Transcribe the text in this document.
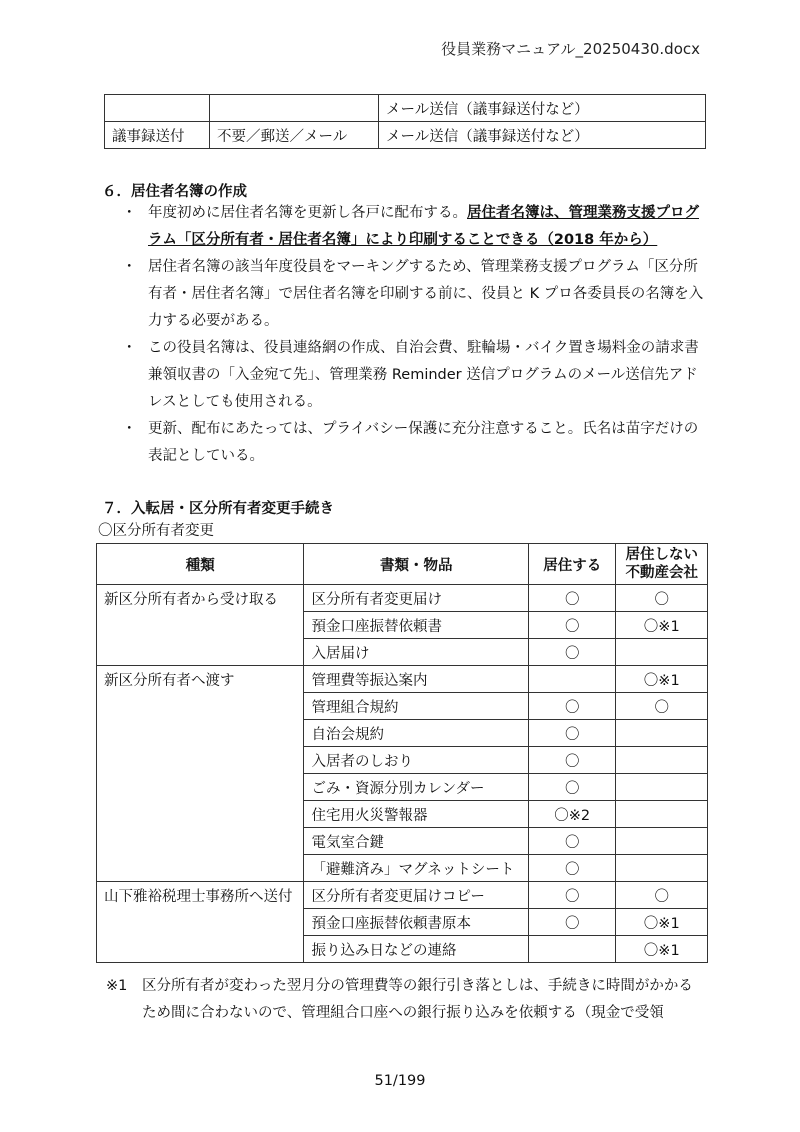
役員業務マニュアル_20250430.docx
		メール送信（議事録送付など）
議事録送付	不要／郵送／メール	メール送信（議事録送付など）
６．居住者名簿の作成
・ 年度初めに居住者名簿を更新し各戸に配布する。居住者名簿は、管理業務支援プログラム「区分所有者・居住者名簿」により印刷することできる（2018 年から）
・ 居住者名簿の該当年度役員をマーキングするため、管理業務支援プログラム「区分所有者・居住者名簿」で居住者名簿を印刷する前に、役員と K プロ各委員長の名簿を入力する必要がある。
・ この役員名簿は、役員連絡網の作成、自治会費、駐輪場・バイク置き場料金の請求書兼領収書の「入金宛て先」、管理業務 Reminder 送信プログラムのメール送信先アドレスとしても使用される。
・ 更新、配布にあたっては、プライバシー保護に充分注意すること。氏名は苗字だけの表記としている。
７．入転居・区分所有者変更手続き
〇区分所有者変更
種類	書類・物品	居住する	居住しない
不動産会社
新区分所有者から受け取る	区分所有者変更届け	〇	〇
	預金口座振替依頼書	〇	〇※1
	入居届け	〇	
新区分所有者へ渡す	管理費等振込案内		〇※1
	管理組合規約	〇	〇
	自治会規約	〇	
	入居者のしおり	〇	
	ごみ・資源分別カレンダー	〇	
	住宅用火災警報器	〇※2	
	電気室合鍵	〇	
	「避難済み」マグネットシート	〇	
山下雅裕税理士事務所へ送付	区分所有者変更届けコピー	〇	〇
	預金口座振替依頼書原本	〇	〇※1
	振り込み日などの連絡		〇※1
※1	区分所有者が変わった翌月分の管理費等の銀行引き落としは、手続きに時間がかかるため間に合わないので、管理組合口座への銀行振り込みを依頼する（現金で受領
51/199
